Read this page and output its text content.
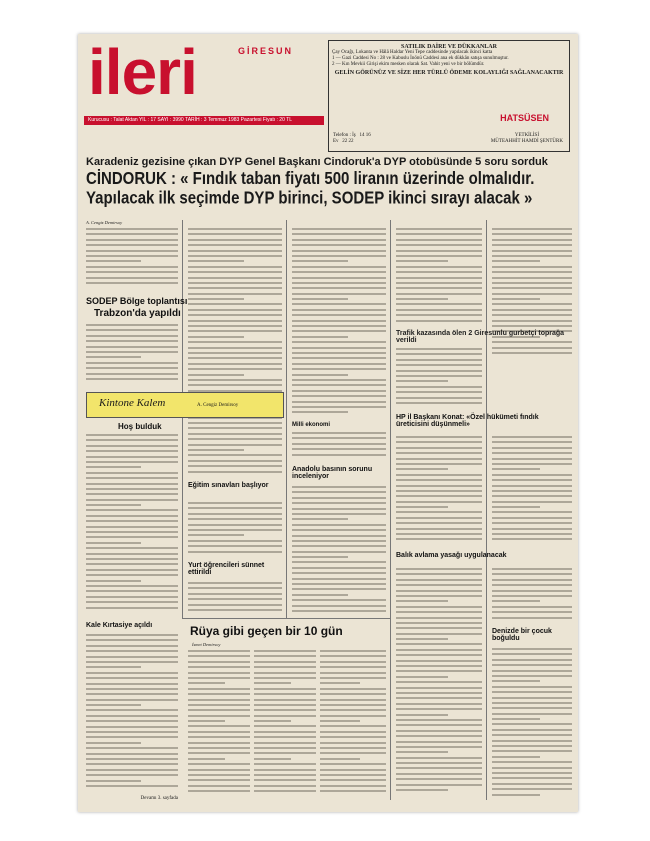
ileri	GİRESUN
Kurucusu : Talat Aktan YIL : 17 SAYI : 3990 TARİH : 3 Temmuz 1983 Pazartesi Fiyatı : 20 TL
SATILIK DAİRE VE DÜKKANLAR
Çay Ocağı, Lokanta ve Hâlâ Haldar Yeni Tepe caddesinde yapılacak ikinci katta
1 — Gazi Caddesi No : 28 ve Kabuslu İnönü Caddesi ana ek dükkân satışa sunulmuştur.
2 — Kın Mevkii Girişi ekim mesken olarak Sat. Vahit yeni ve bir bölümdür.
GELİN GÖRÜNÜZ VE SİZE HER TÜRLÜ ÖDEME KOLAYLIĞI SAĞLANACAKTIR
HATSÜSEN
Telefon : İş   14 16
Ev   22 22
YETKİLİSİ
MÜTEAHHİT HAMDİ ŞENTÜRK
Karadeniz gezisine çıkan DYP Genel Başkanı Cindoruk'a DYP otobüsünde 5 soru sorduk
CİNDORUK : « Fındık taban fiyatı 500 liranın üzerinde olmalıdır.
Yapılacak ilk seçimde DYP birinci, SODEP ikinci sırayı alacak »
A. Cengiz Demirsoy
SODEP Bölge toplantısı
Trabzon'da yapıldı
Kintone Kalem	A. Cengiz Demirsoy
Hoş bulduk
Eğitim sınavları başlıyor
Yurt öğrencileri sünnet ettirildi
Milli ekonomi
Anadolu basının sorunu inceleniyor
Trafik kazasında ölen 2 Giresunlu gurbetçi toprağa verildi
HP il Başkanı Konat: «Özel hükümeti fındık üreticisini düşünmeli»
Balık avlama yasağı uygulanacak
Denizde bir çocuk boğuldu
Kale Kırtasiye açıldı
Devamı 3. sayfada
Rüya gibi geçen bir 10 gün
İsmet Demirsoy
